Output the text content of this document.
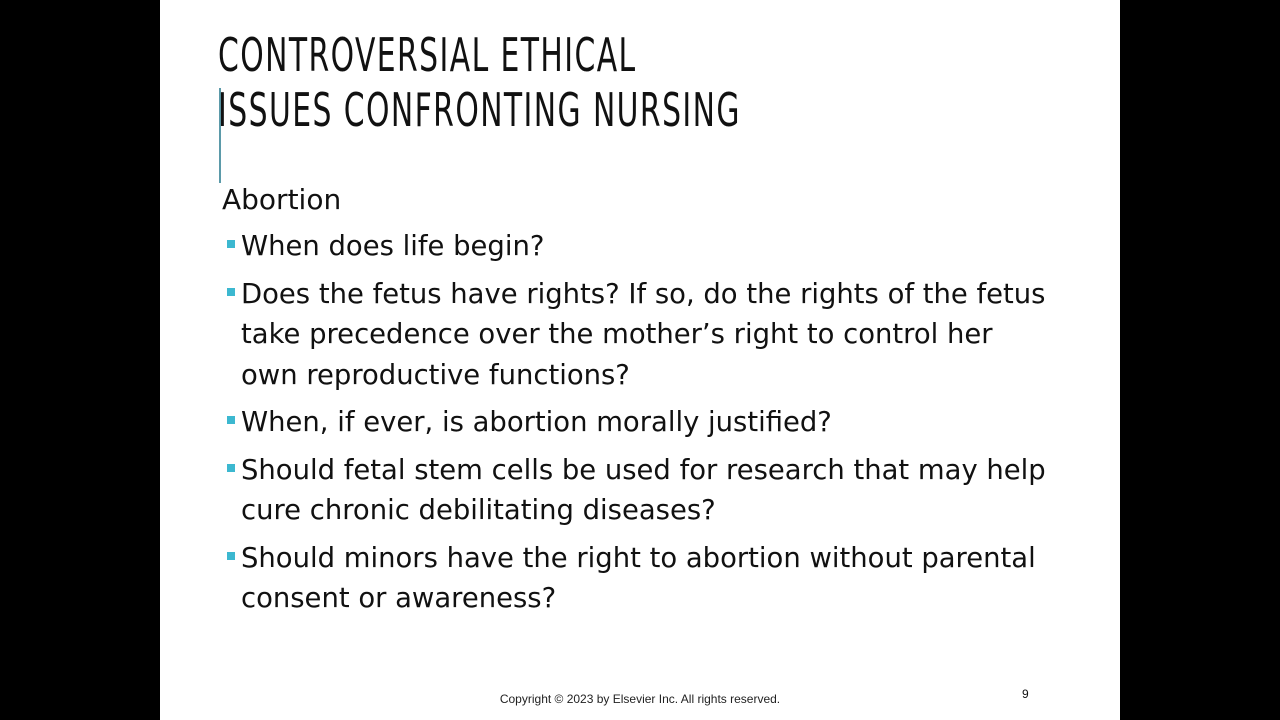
CONTROVERSIAL ETHICAL
ISSUES CONFRONTING NURSING
Abortion
When does life begin?
Does the fetus have rights? If so, do the rights of the fetus take precedence over the mother’s right to control her own reproductive functions?
When, if ever, is abortion morally justified?
Should fetal stem cells be used for research that may help cure chronic debilitating diseases?
Should minors have the right to abortion without parental consent or awareness?
Copyright © 2023 by Elsevier Inc. All rights reserved.	9
